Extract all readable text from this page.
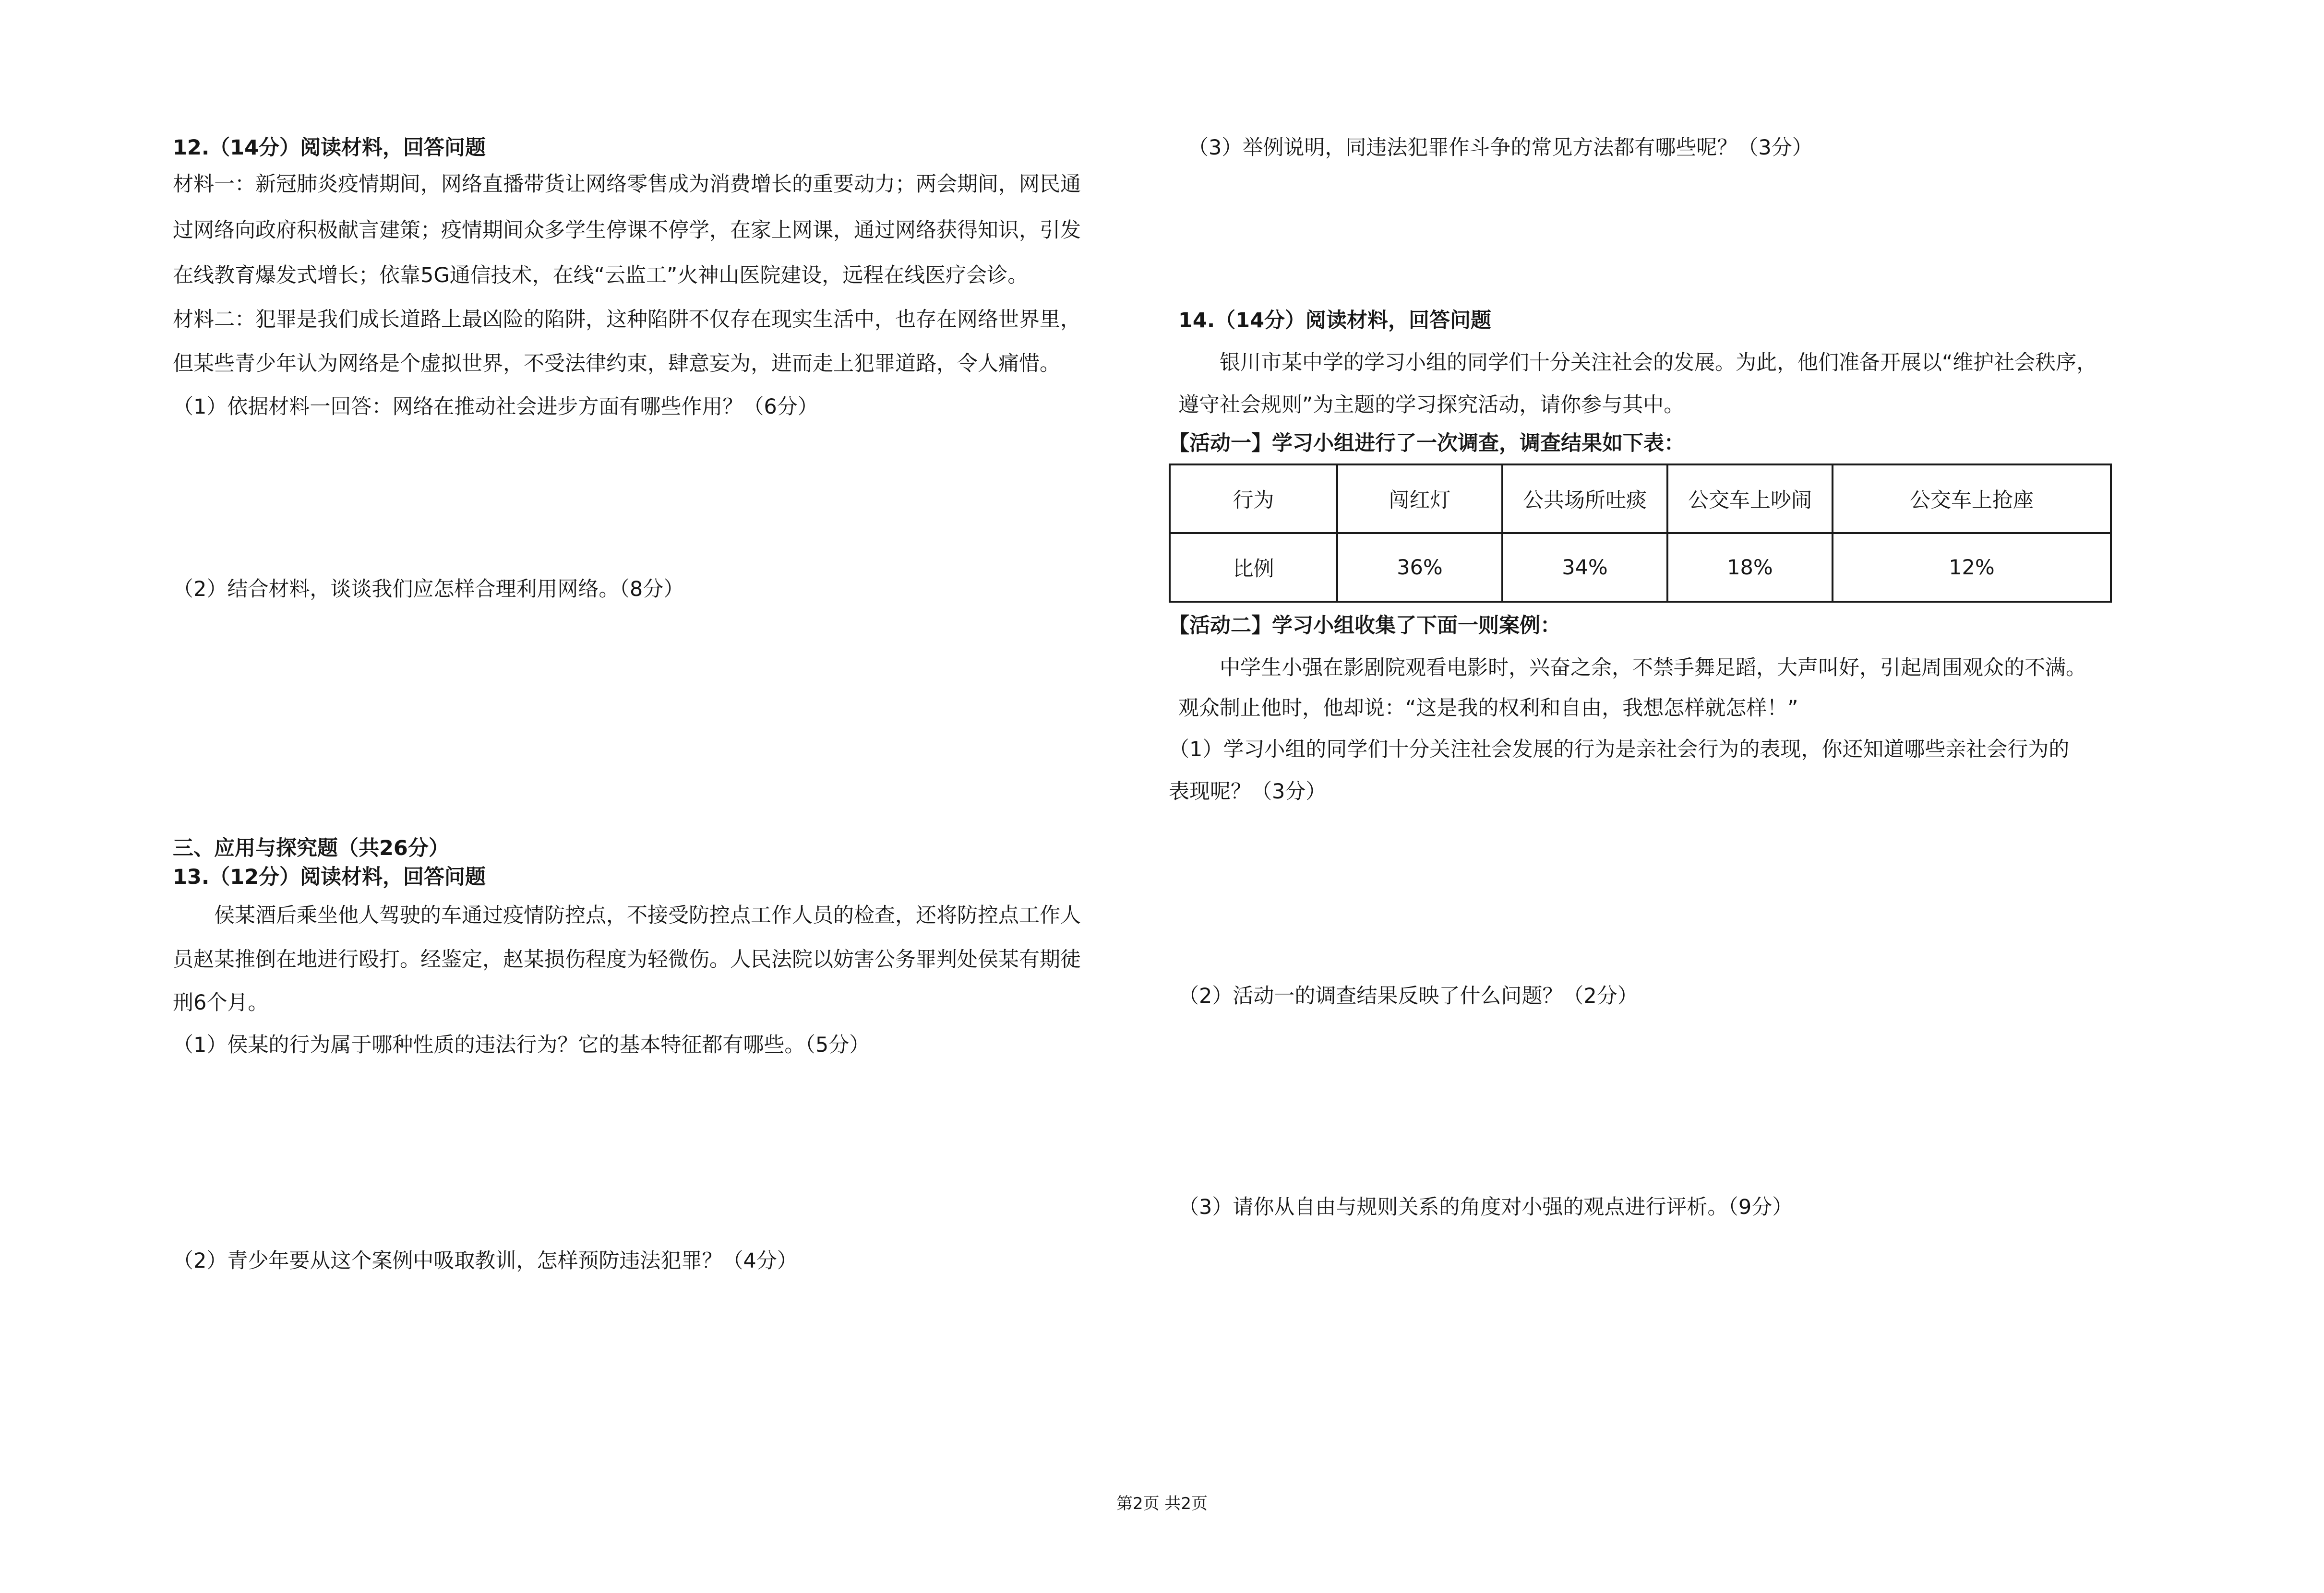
12.（14分）阅读材料，回答问题
材料一：新冠肺炎疫情期间，网络直播带货让网络零售成为消费增长的重要动力；两会期间，网民通
过网络向政府积极献言建策；疫情期间众多学生停课不停学，在家上网课，通过网络获得知识，引发
在线教育爆发式增长；依靠5G通信技术，在线“云监工”火神山医院建设，远程在线医疗会诊。
材料二：犯罪是我们成长道路上最凶险的陷阱，这种陷阱不仅存在现实生活中，也存在网络世界里，
但某些青少年认为网络是个虚拟世界，不受法律约束，肆意妄为，进而走上犯罪道路，令人痛惜。
（1）依据材料一回答：网络在推动社会进步方面有哪些作用？（6分）
（2）结合材料，谈谈我们应怎样合理利用网络。（8分）
三、应用与探究题（共26分）
13.（12分）阅读材料，回答问题
侯某酒后乘坐他人驾驶的车通过疫情防控点，不接受防控点工作人员的检查，还将防控点工作人
员赵某推倒在地进行殴打。经鉴定，赵某损伤程度为轻微伤。人民法院以妨害公务罪判处侯某有期徒
刑6个月。
（1）侯某的行为属于哪种性质的违法行为？它的基本特征都有哪些。（5分）
（2）青少年要从这个案例中吸取教训，怎样预防违法犯罪？（4分）
（3）举例说明，同违法犯罪作斗争的常见方法都有哪些呢？（3分）
14.（14分）阅读材料，回答问题
银川市某中学的学习小组的同学们十分关注社会的发展。为此，他们准备开展以“维护社会秩序，
遵守社会规则”为主题的学习探究活动，请你参与其中。
【活动一】学习小组进行了一次调查，调查结果如下表：
行为	闯红灯	公共场所吐痰	公交车上吵闹	公交车上抢座
比例	36%	34%	18%	12%
【活动二】学习小组收集了下面一则案例：
中学生小强在影剧院观看电影时，兴奋之余，不禁手舞足蹈，大声叫好，引起周围观众的不满。
观众制止他时，他却说：“这是我的权利和自由，我想怎样就怎样！”
（1）学习小组的同学们十分关注社会发展的行为是亲社会行为的表现，你还知道哪些亲社会行为的
表现呢？（3分）
（2）活动一的调查结果反映了什么问题？（2分）
（3）请你从自由与规则关系的角度对小强的观点进行评析。（9分）
第2页 共2页
